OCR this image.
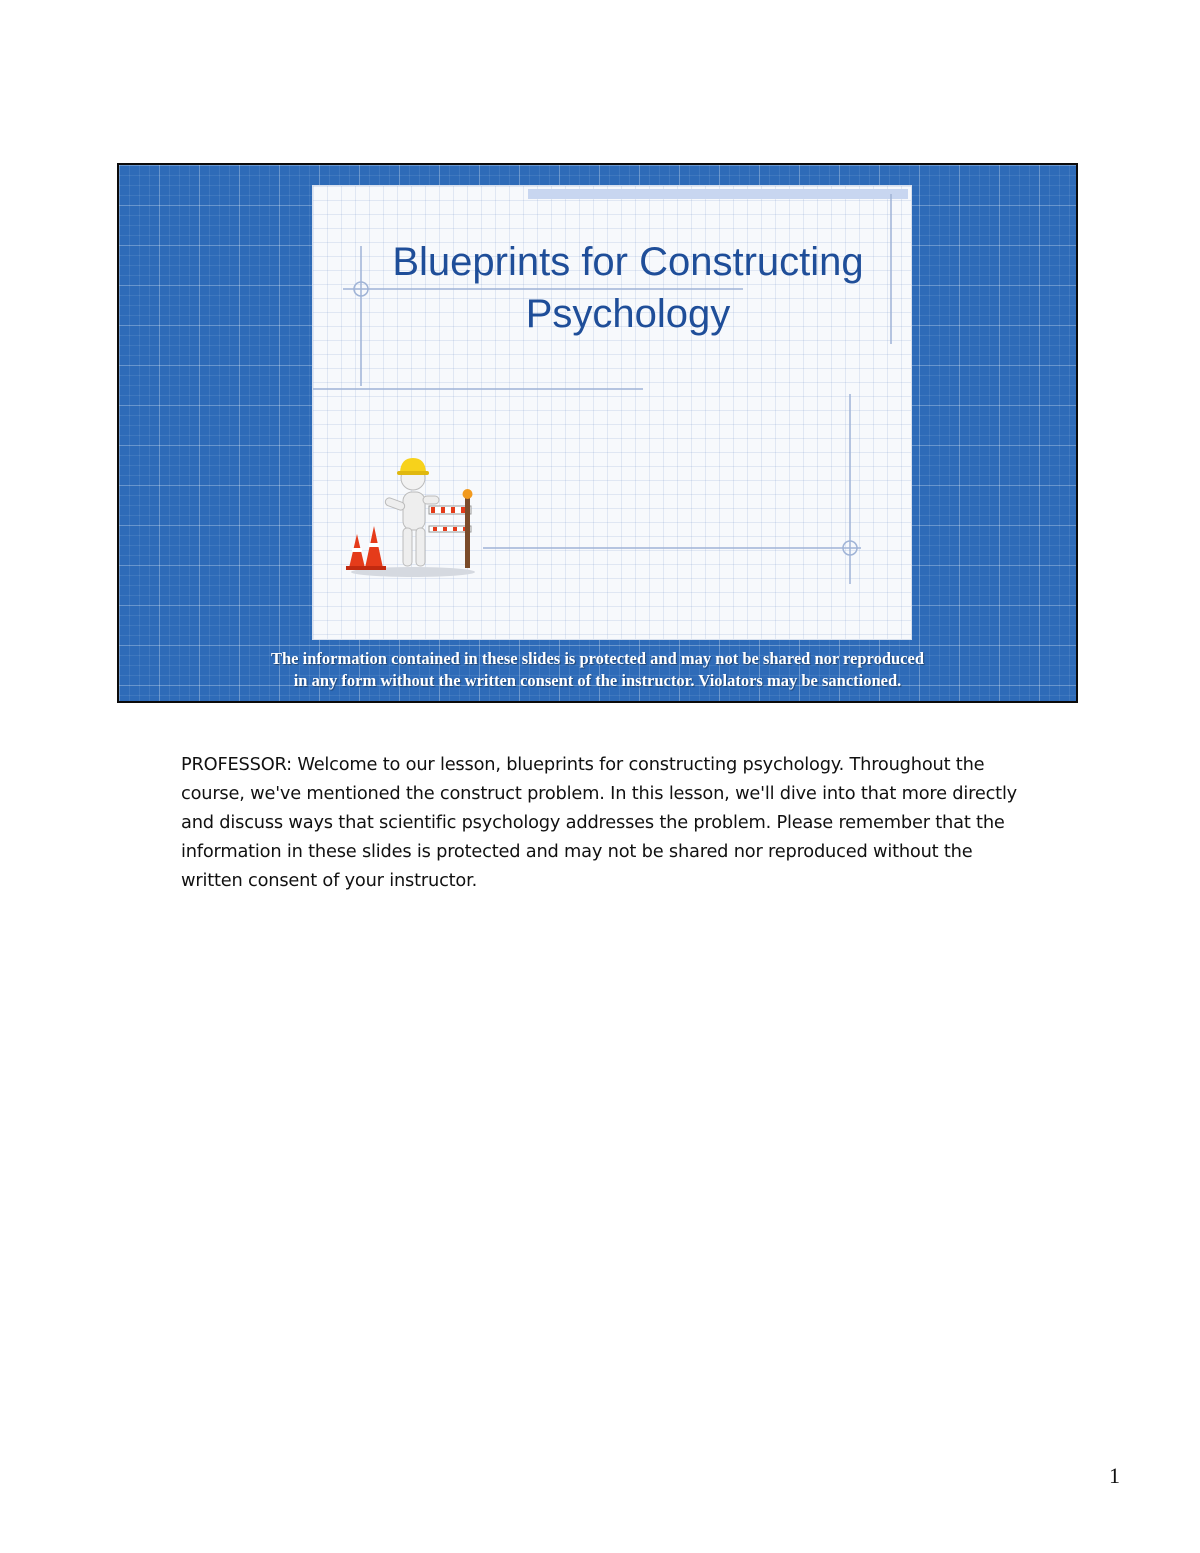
Blueprints for Constructing
Psychology
The information contained in these slides is protected and may not be shared nor reproduced
in any form without the written consent of the instructor. Violators may be sanctioned.

PROFESSOR: Welcome to our lesson, blueprints for constructing psychology. Throughout the course, we've mentioned the construct problem. In this lesson, we'll dive into that more directly and discuss ways that scientific psychology addresses the problem. Please remember that the information in these slides is protected and may not be shared nor reproduced without the written consent of your instructor.

1
